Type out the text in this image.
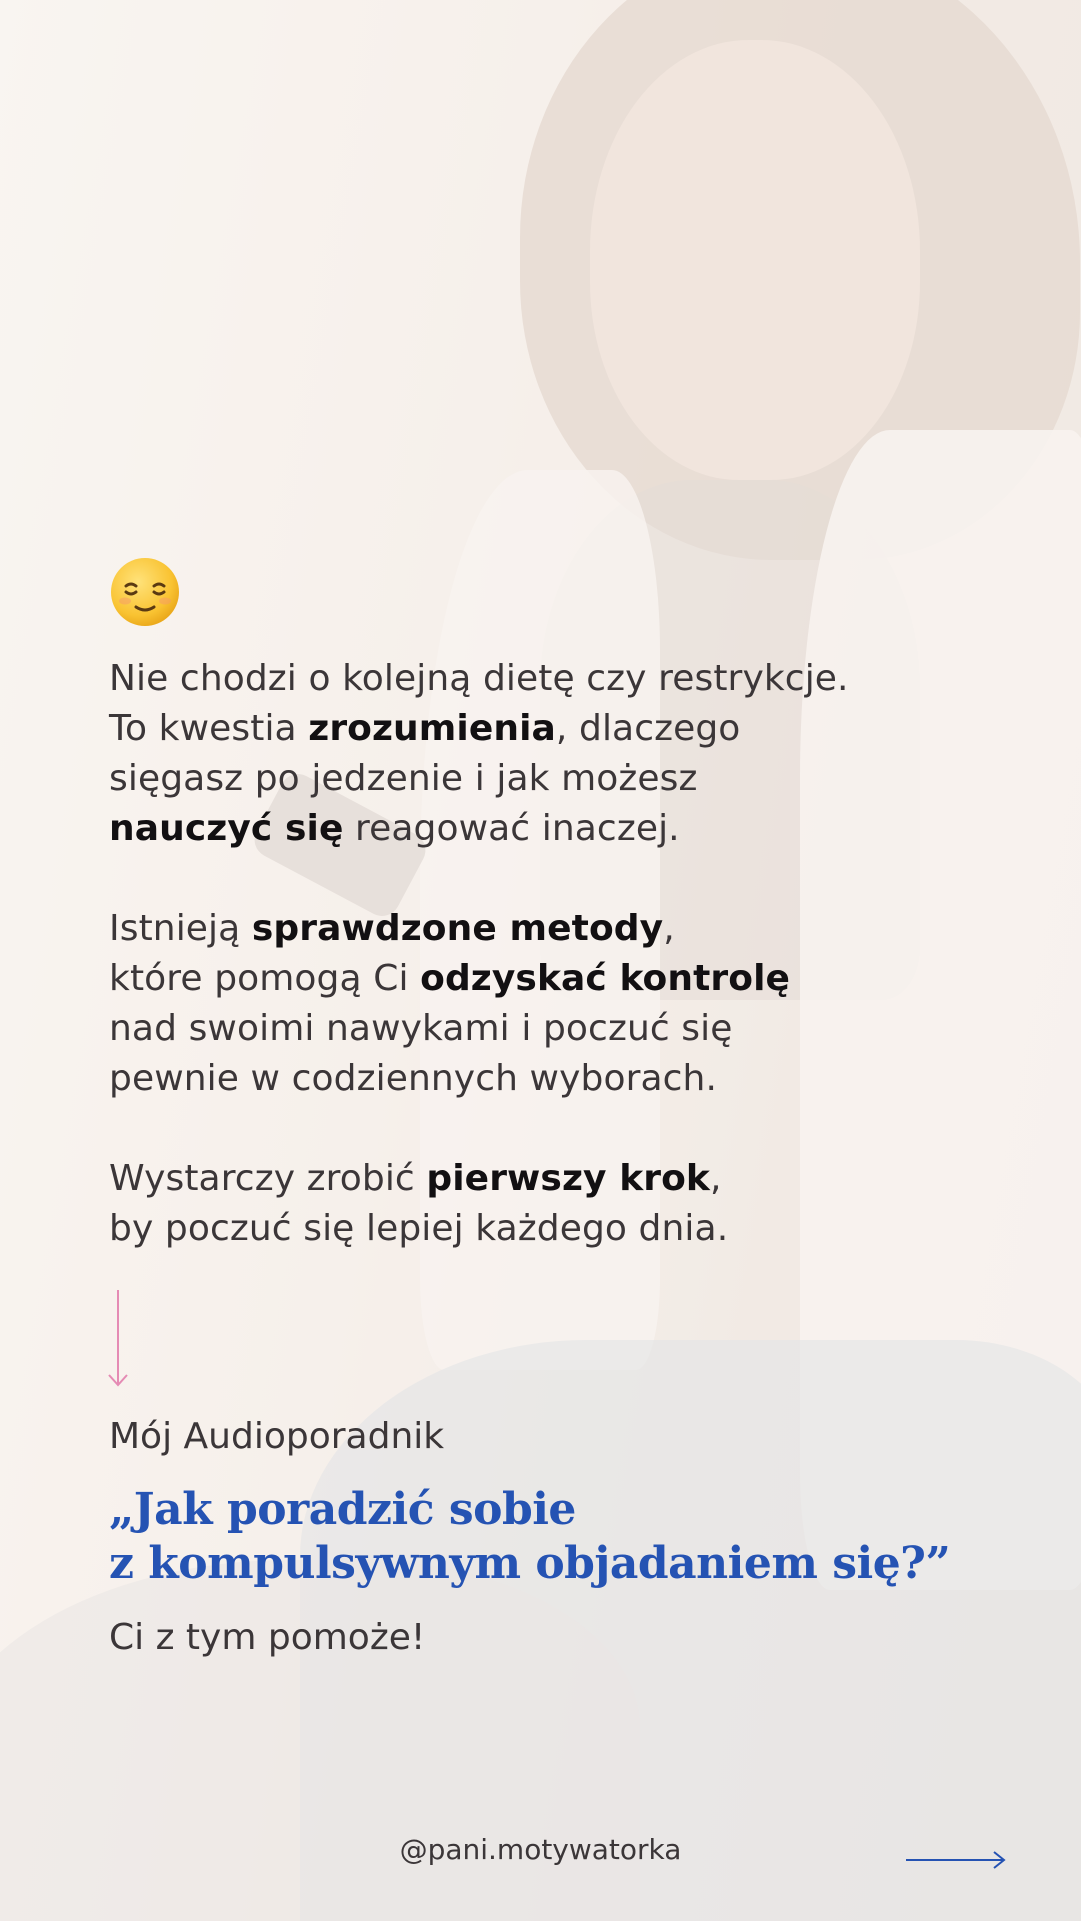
Nie chodzi o kolejną dietę czy restrykcje.
To kwestia zrozumienia, dlaczego
sięgasz po jedzenie i jak możesz
nauczyć się reagować inaczej.

Istnieją sprawdzone metody,
które pomogą Ci odzyskać kontrolę
nad swoimi nawykami i poczuć się
pewnie w codziennych wyborach.

Wystarczy zrobić pierwszy krok,
by poczuć się lepiej każdego dnia.

Mój Audioporadnik

„Jak poradzić sobie
z kompulsywnym objadaniem się?”

Ci z tym pomoże!

@pani.motywatorka
